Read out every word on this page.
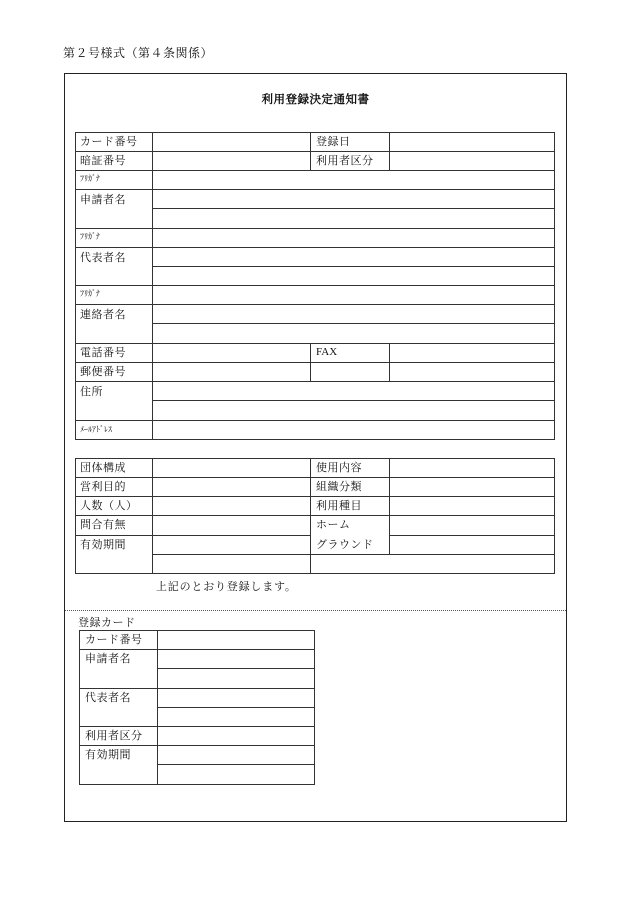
第２号様式（第４条関係）
利用登録決定通知書
カード番号	登録日
暗証番号	利用者区分
ﾌﾘｶﾞﾅ
申請者名
ﾌﾘｶﾞﾅ
代表者名
ﾌﾘｶﾞﾅ
連絡者名
電話番号	FAX
郵便番号
住所
ﾒｰﾙｱﾄﾞﾚｽ
団体構成	使用内容
営利目的	組織分類
人数（人）	利用種目
問合有無	ホーム
有効期間	グラウンド
上記のとおり登録します。
登録カード
カード番号
申請者名
代表者名
利用者区分
有効期間
